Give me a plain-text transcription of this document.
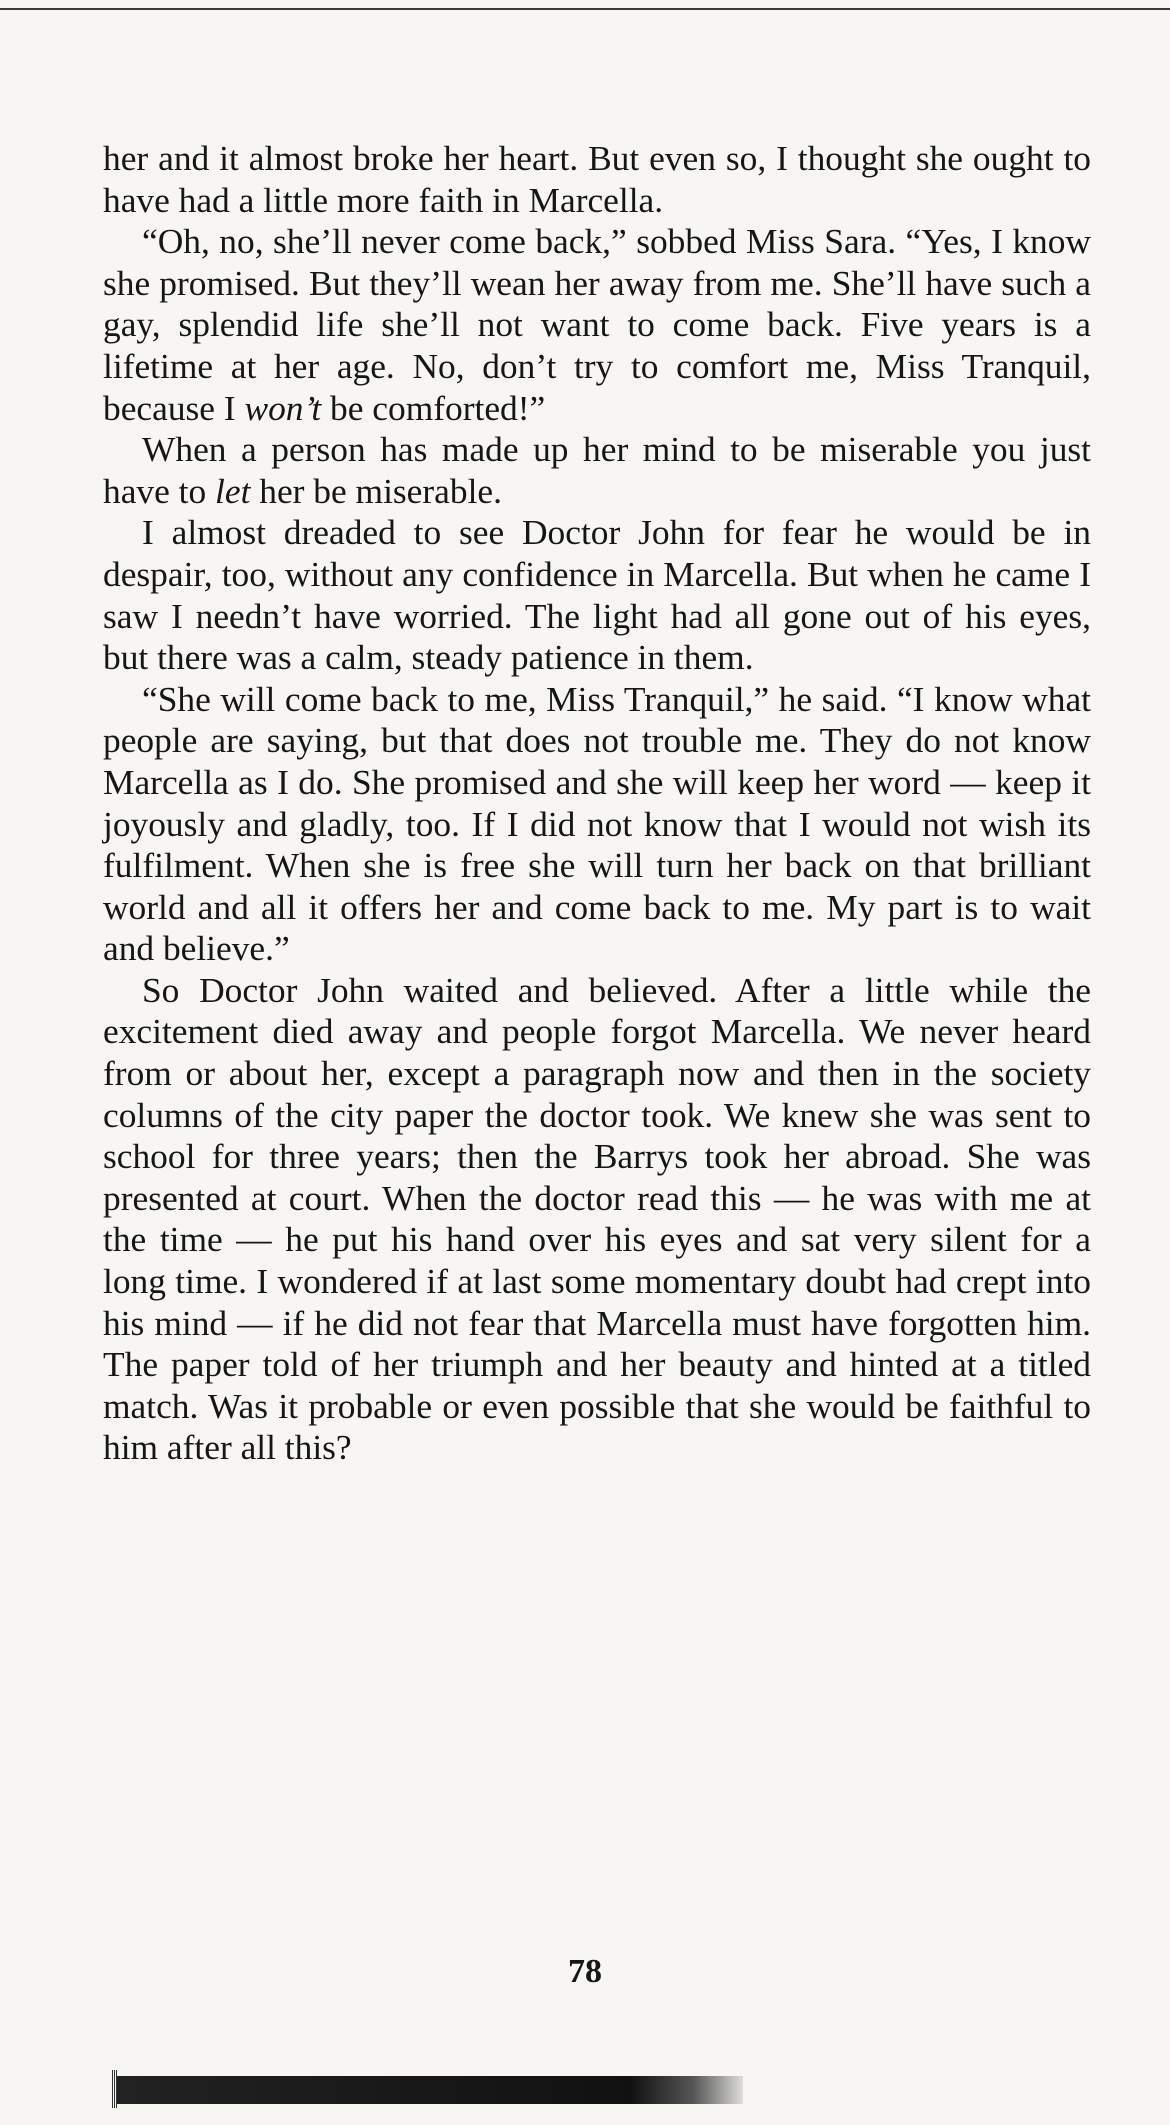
her and it almost broke her heart. But even so, I thought she ought to have had a little more faith in Marcella.

“Oh, no, she’ll never come back,” sobbed Miss Sara. “Yes, I know she promised. But they’ll wean her away from me. She’ll have such a gay, splendid life she’ll not want to come back. Five years is a lifetime at her age. No, don’t try to comfort me, Miss Tranquil, because I won’t be comforted!”

When a person has made up her mind to be miserable you just have to let her be miserable.

I almost dreaded to see Doctor John for fear he would be in despair, too, without any confidence in Marcella. But when he came I saw I needn’t have worried. The light had all gone out of his eyes, but there was a calm, steady patience in them.

“She will come back to me, Miss Tranquil,” he said. “I know what people are saying, but that does not trouble me. They do not know Marcella as I do. She promised and she will keep her word — keep it joyously and gladly, too. If I did not know that I would not wish its fulfilment. When she is free she will turn her back on that brilliant world and all it offers her and come back to me. My part is to wait and believe.”

So Doctor John waited and believed. After a little while the excitement died away and people forgot Marcella. We never heard from or about her, except a paragraph now and then in the society columns of the city paper the doctor took. We knew she was sent to school for three years; then the Barrys took her abroad. She was presented at court. When the doctor read this — he was with me at the time — he put his hand over his eyes and sat very silent for a long time. I wondered if at last some momentary doubt had crept into his mind — if he did not fear that Marcella must have forgotten him. The paper told of her triumph and her beauty and hinted at a titled match. Was it probable or even possible that she would be faithful to him after all this?

78
